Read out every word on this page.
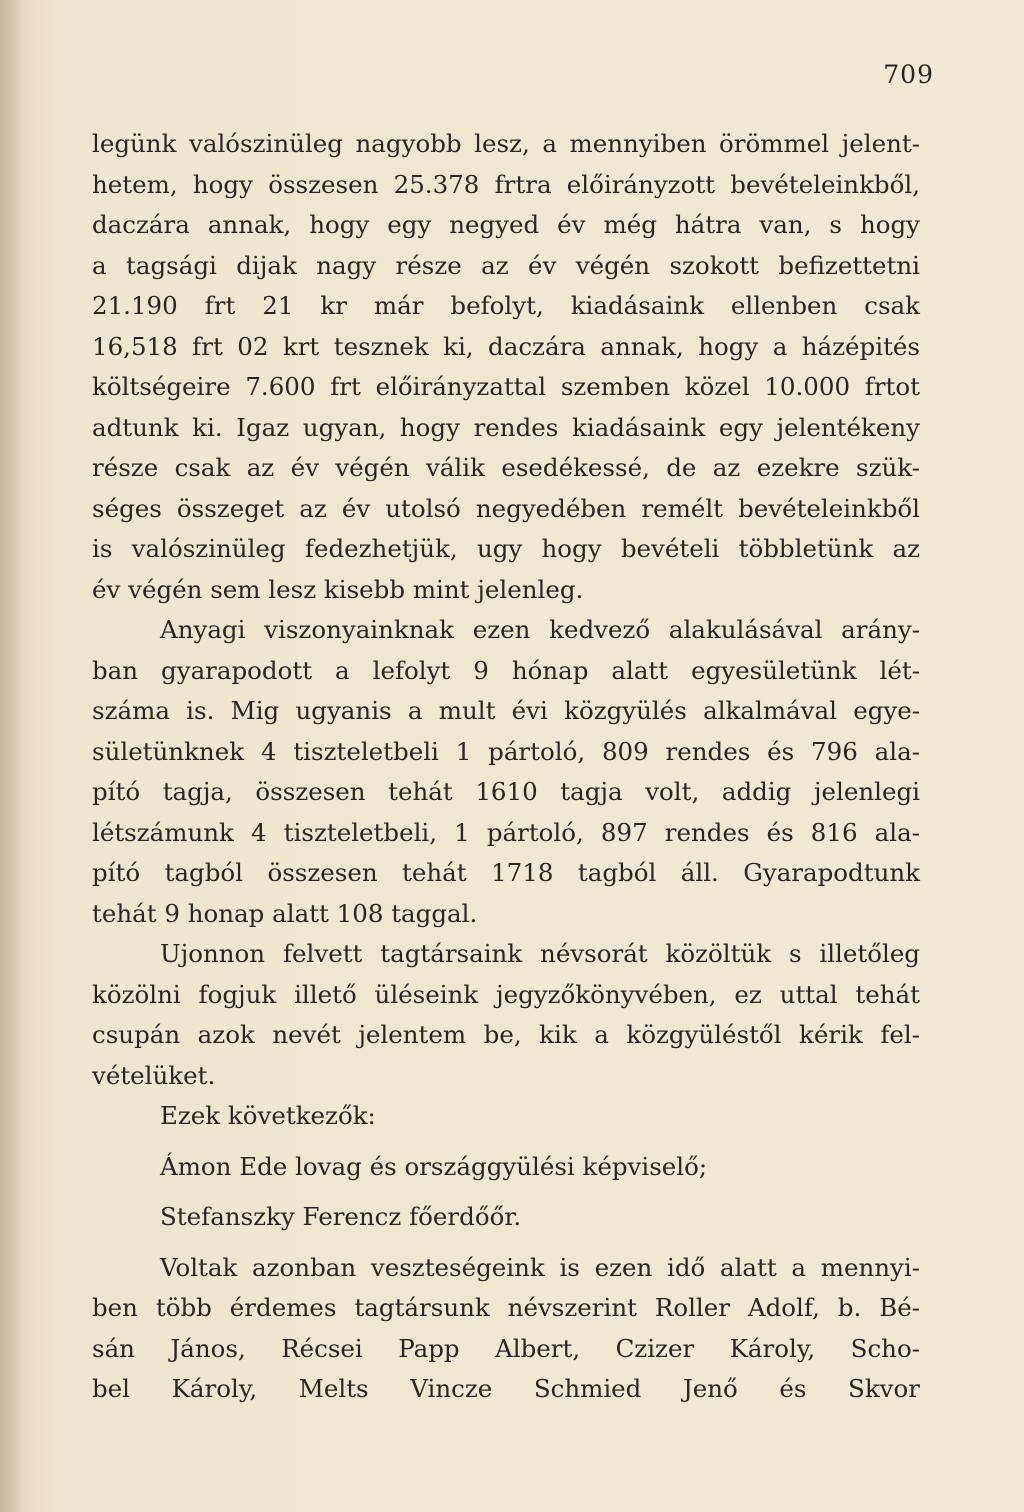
709
legünk valószinüleg nagyobb lesz, a mennyiben örömmel jelent-
hetem, hogy összesen 25.378 frtra előirányzott bevételeinkből,
daczára annak, hogy egy negyed év még hátra van, s hogy
a tagsági dijak nagy része az év végén szokott befizettetni
21.190 frt 21 kr már befolyt, kiadásaink ellenben csak
16,518 frt 02 krt tesznek ki, daczára annak, hogy a házépités
költségeire 7.600 frt előirányzattal szemben közel 10.000 frtot
adtunk ki. Igaz ugyan, hogy rendes kiadásaink egy jelentékeny
része csak az év végén válik esedékessé, de az ezekre szük-
séges összeget az év utolsó negyedében remélt bevételeinkből
is valószinüleg fedezhetjük, ugy hogy bevételi többletünk az
év végén sem lesz kisebb mint jelenleg.
Anyagi viszonyainknak ezen kedvező alakulásával arány-
ban gyarapodott a lefolyt 9 hónap alatt egyesületünk lét-
száma is. Mig ugyanis a mult évi közgyülés alkalmával egye-
sületünknek 4 tiszteletbeli 1 pártoló, 809 rendes és 796 ala-
pító tagja, összesen tehát 1610 tagja volt, addig jelenlegi
létszámunk 4 tiszteletbeli, 1 pártoló, 897 rendes és 816 ala-
pító tagból összesen tehát 1718 tagból áll. Gyarapodtunk
tehát 9 honap alatt 108 taggal.
Ujonnon felvett tagtársaink névsorát közöltük s illetőleg
közölni fogjuk illető üléseink jegyzőkönyvében, ez uttal tehát
csupán azok nevét jelentem be, kik a közgyüléstől kérik fel-
vételüket.
Ezek következők:
Ámon Ede lovag és országgyülési képviselő;
Stefanszky Ferencz főerdőőr.
Voltak azonban veszteségeink is ezen idő alatt a mennyi-
ben több érdemes tagtársunk névszerint Roller Adolf, b. Bé-
sán János, Récsei Papp Albert, Czizer Károly, Scho-
bel Károly, Melts Vincze Schmied Jenő és Skvor
